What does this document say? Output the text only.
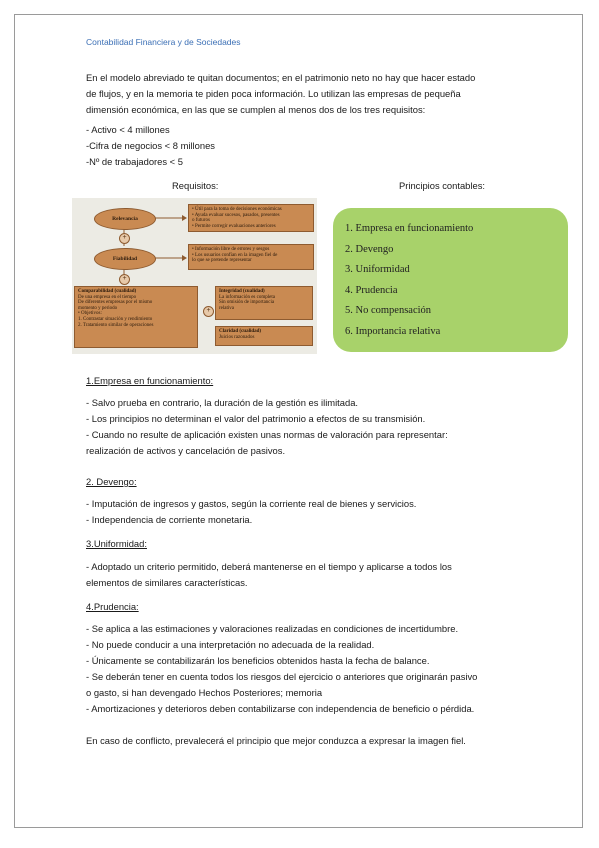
Contabilidad Financiera y de Sociedades
En el modelo abreviado te quitan documentos; en el patrimonio neto no hay que hacer estado
de flujos, y en la memoria te piden poca información. Lo utilizan las empresas de pequeña
dimensión económica, en las que se cumplen al menos dos de los tres requisitos:
- Activo < 4 millones
-Cifra de negocios < 8 millones
-Nº de trabajadores < 5
Requisitos:	Principios contables:
Relevancia
+
Fiabilidad
+
• Útil para la toma de decisiones económicas
• Ayuda evaluar sucesos, pasados, presentes
o futuros
• Permite corregir evaluaciones anteriores
• Información libre de errores y sesgos
• Los usuarios confían en la imagen fiel de
lo que se pretende representar
Comparabilidad (cualidad)
De una empresa en el tiempo
De diferentes empresas por el mismo
momento y periodo
• Objetivos:
1. Contrastar situación y rendimiento
2. Tratamiento similar de operaciones
+
Integridad (cualidad)
La información es completa
Sin omisión de importancia
relativa
Claridad (cualidad)
Juicios razonados
1. Empresa en funcionamiento
2. Devengo
3. Uniformidad
4. Prudencia
5. No compensación
6. Importancia relativa
1.Empresa en funcionamiento:
- Salvo prueba en contrario, la duración de la gestión es ilimitada.
- Los principios no determinan el valor del patrimonio a efectos de su transmisión.
- Cuando no resulte de aplicación existen unas normas de valoración para representar:
realización de activos y cancelación de pasivos.
2. Devengo:
- Imputación de ingresos y gastos, según la corriente real de bienes y servicios.
- Independencia de corriente monetaria.
3.Uniformidad:
- Adoptado un criterio permitido, deberá mantenerse en el tiempo y aplicarse a todos los
elementos de similares características.
4.Prudencia:
- Se aplica a las estimaciones y valoraciones realizadas en condiciones de incertidumbre.
- No puede conducir a una interpretación no adecuada de la realidad.
- Únicamente se contabilizarán los beneficios obtenidos hasta la fecha de balance.
- Se deberán tener en cuenta todos los riesgos del ejercicio o anteriores que originarán pasivo
o gasto, si han devengado Hechos Posteriores; memoria
- Amortizaciones y deterioros deben contabilizarse con independencia de beneficio o pérdida.
En caso de conflicto, prevalecerá el principio que mejor conduzca a expresar la imagen fiel.
